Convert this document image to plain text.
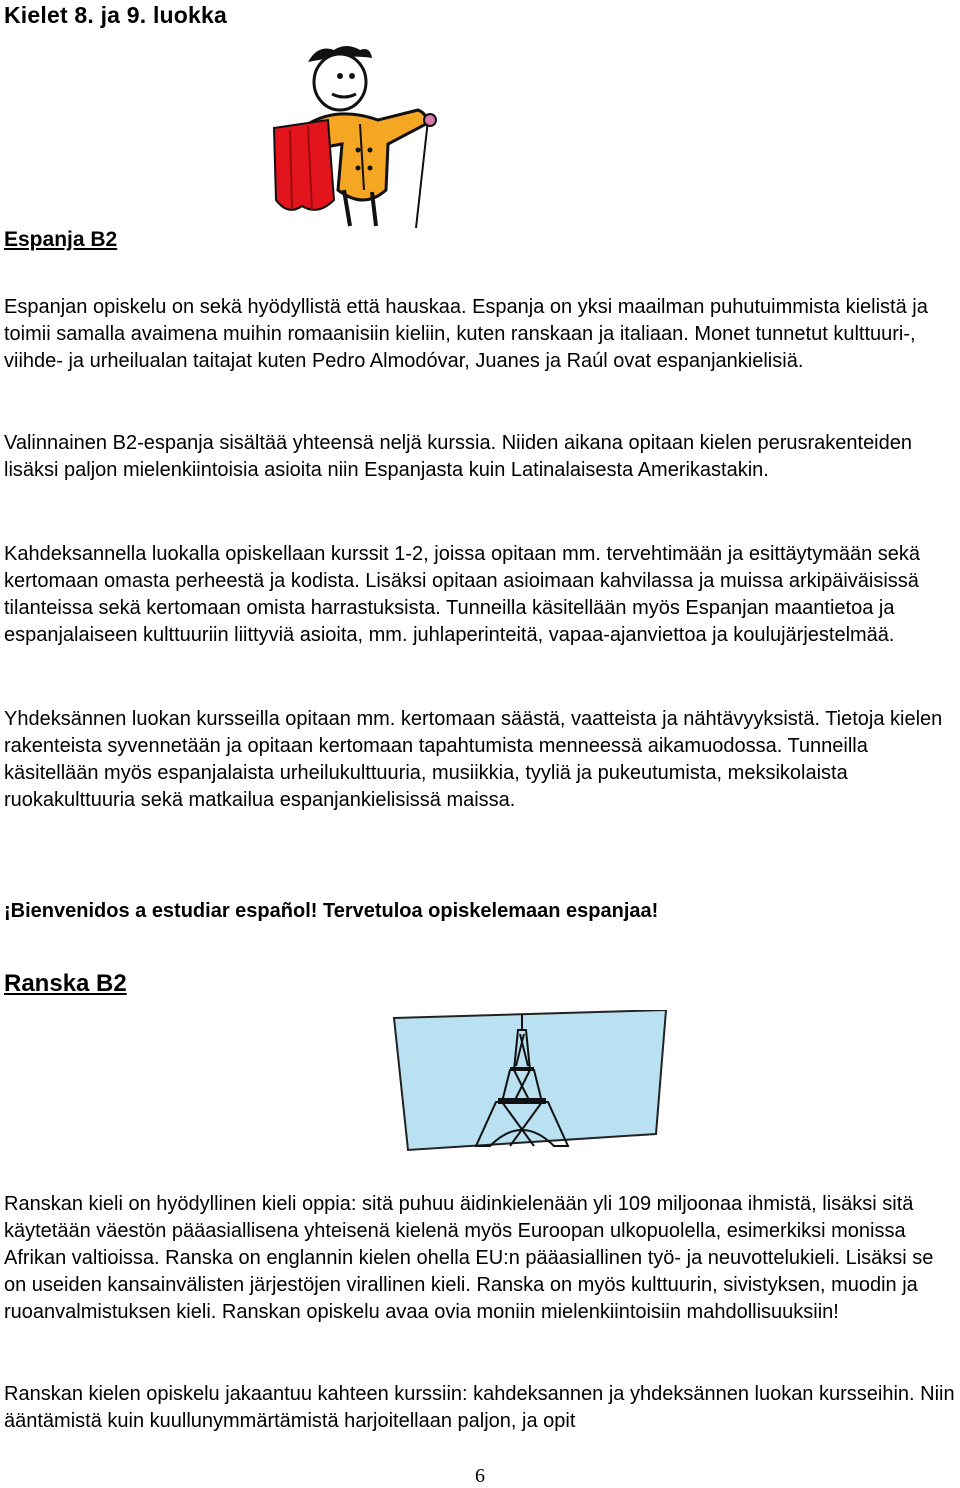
Kielet 8. ja 9. luokka
Espanja B2
Espanjan opiskelu on sekä hyödyllistä että hauskaa. Espanja on yksi maailman puhutuimmista kielistä ja toimii samalla avaimena muihin romaanisiin kieliin, kuten ranskaan ja italiaan. Monet tunnetut kulttuuri-, viihde- ja urheilualan taitajat kuten Pedro Almodóvar, Juanes ja Raúl ovat espanjankielisiä.
Valinnainen B2-espanja sisältää yhteensä neljä kurssia. Niiden aikana opitaan kielen perusrakenteiden lisäksi paljon mielenkiintoisia asioita niin Espanjasta kuin Latinalaisesta Amerikastakin.
Kahdeksannella luokalla opiskellaan kurssit 1-2, joissa opitaan mm. tervehtimään ja esittäytymään sekä kertomaan omasta perheestä ja kodista. Lisäksi opitaan asioimaan kahvilassa ja muissa arkipäiväisissä tilanteissa sekä kertomaan omista harrastuksista. Tunneilla käsitellään myös Espanjan maantietoa ja espanjalaiseen kulttuuriin liittyviä asioita, mm. juhlaperinteitä, vapaa-ajanviettoa ja koulujärjestelmää.
Yhdeksännen luokan kursseilla opitaan mm. kertomaan säästä, vaatteista ja nähtävyyksistä. Tietoja kielen rakenteista syvennetään ja opitaan kertomaan tapahtumista menneessä aikamuodossa. Tunneilla käsitellään myös espanjalaista urheilukulttuuria, musiikkia, tyyliä ja pukeutumista, meksikolaista ruokakulttuuria sekä matkailua espanjankielisissä maissa.
¡Bienvenidos a estudiar español! Tervetuloa opiskelemaan espanjaa!
Ranska B2
Ranskan kieli on hyödyllinen kieli oppia: sitä puhuu äidinkielenään yli 109 miljoonaa ihmistä, lisäksi sitä käytetään väestön pääasiallisena yhteisenä kielenä myös Euroopan ulkopuolella, esimerkiksi monissa Afrikan valtioissa. Ranska on englannin kielen ohella EU:n pääasiallinen työ- ja neuvottelukieli. Lisäksi se on useiden kansainvälisten järjestöjen virallinen kieli. Ranska on myös kulttuurin, sivistyksen, muodin ja ruoanvalmistuksen kieli. Ranskan opiskelu avaa ovia moniin mielenkiintoisiin mahdollisuuksiin!
Ranskan kielen opiskelu jakaantuu kahteen kurssiin: kahdeksannen ja yhdeksännen luokan kursseihin. Niin ääntämistä kuin kuullunymmärtämistä harjoitellaan paljon, ja opit
6
